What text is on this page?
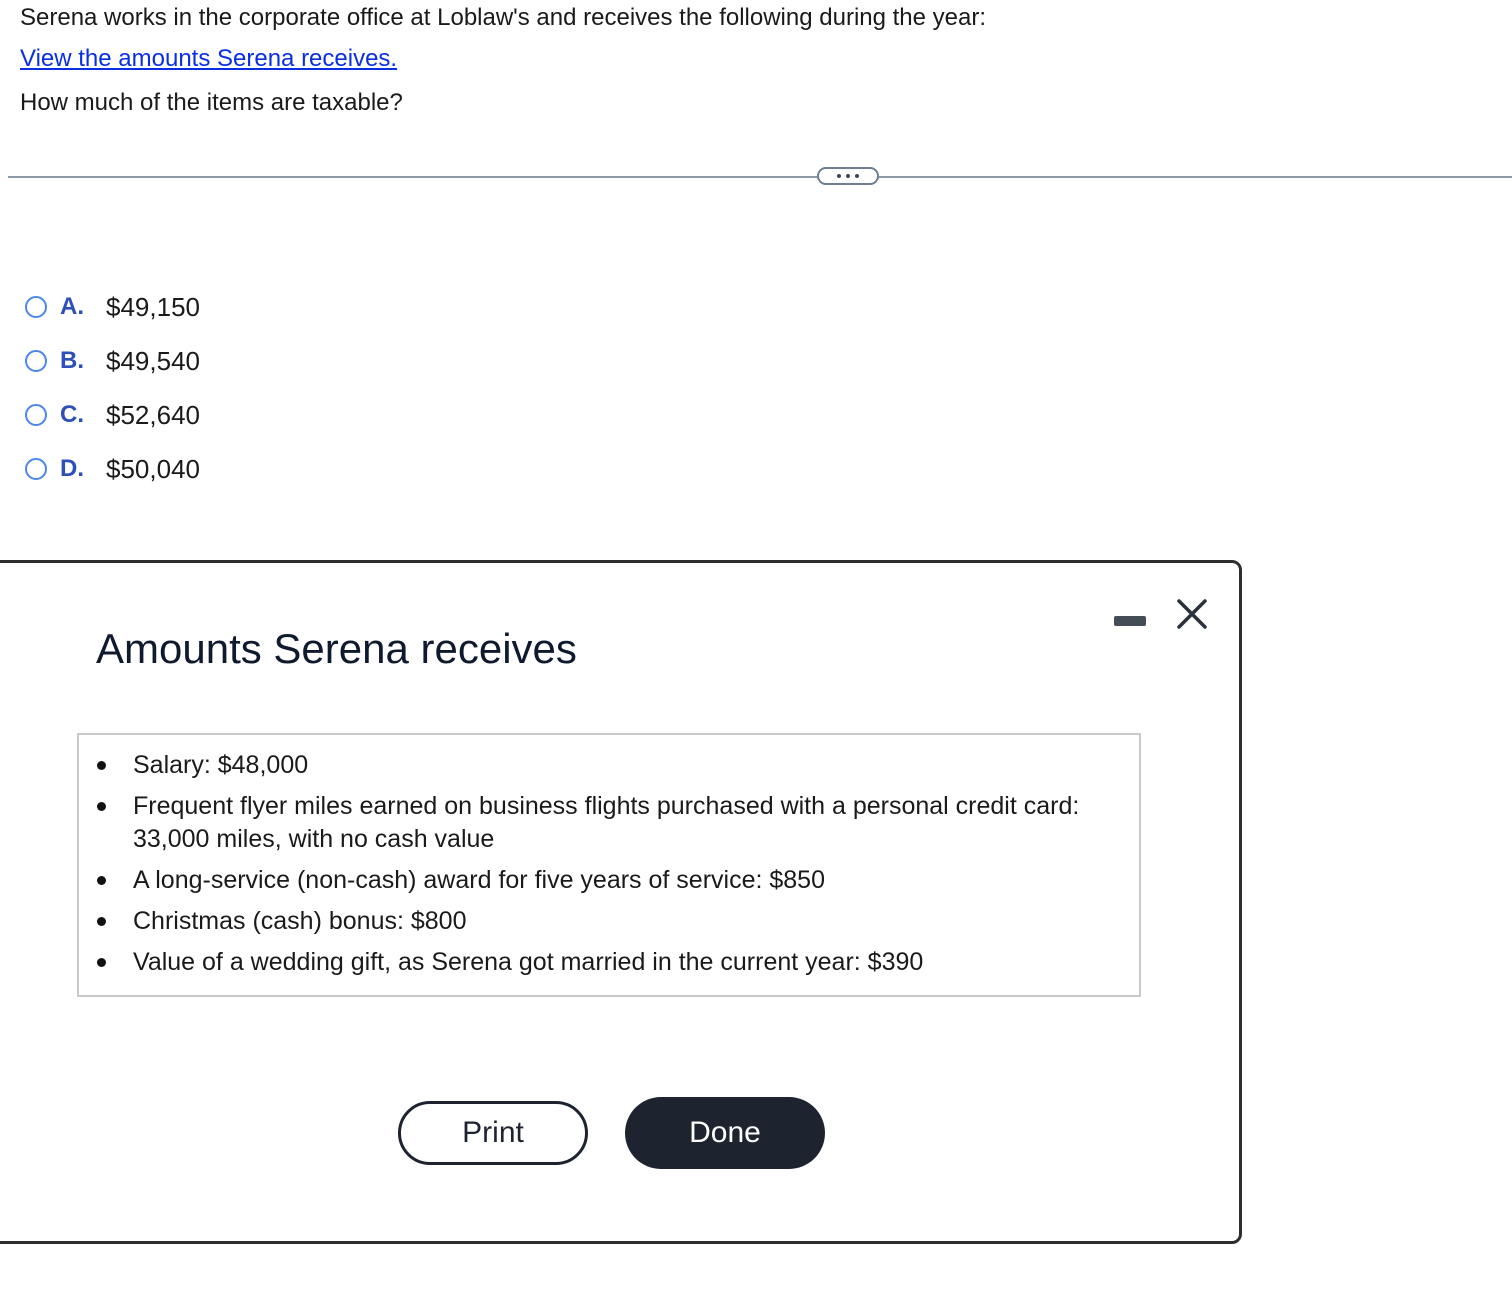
Serena works in the corporate office at Loblaw's and receives the following during the year:
View the amounts Serena receives.
How much of the items are taxable?
A. $49,150
B. $49,540
C. $52,640
D. $50,040
Amounts Serena receives
Salary: $48,000
Frequent flyer miles earned on business flights purchased with a personal credit card: 33,000 miles, with no cash value
A long-service (non-cash) award for five years of service: $850
Christmas (cash) bonus: $800
Value of a wedding gift, as Serena got married in the current year: $390
Print	Done
